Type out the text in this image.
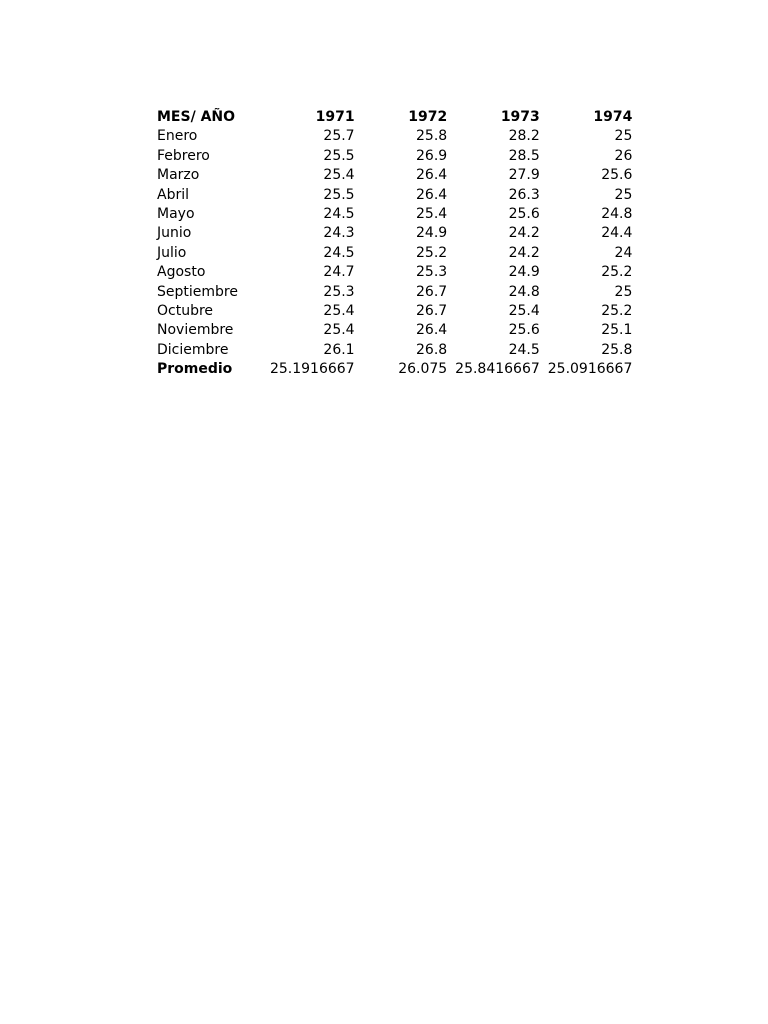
MES/ AÑO	1971	1972	1973	1974
Enero	25.7	25.8	28.2	25
Febrero	25.5	26.9	28.5	26
Marzo	25.4	26.4	27.9	25.6
Abril	25.5	26.4	26.3	25
Mayo	24.5	25.4	25.6	24.8
Junio	24.3	24.9	24.2	24.4
Julio	24.5	25.2	24.2	24
Agosto	24.7	25.3	24.9	25.2
Septiembre	25.3	26.7	24.8	25
Octubre	25.4	26.7	25.4	25.2
Noviembre	25.4	26.4	25.6	25.1
Diciembre	26.1	26.8	24.5	25.8
Promedio	25.1916667	26.075	25.8416667	25.0916667
